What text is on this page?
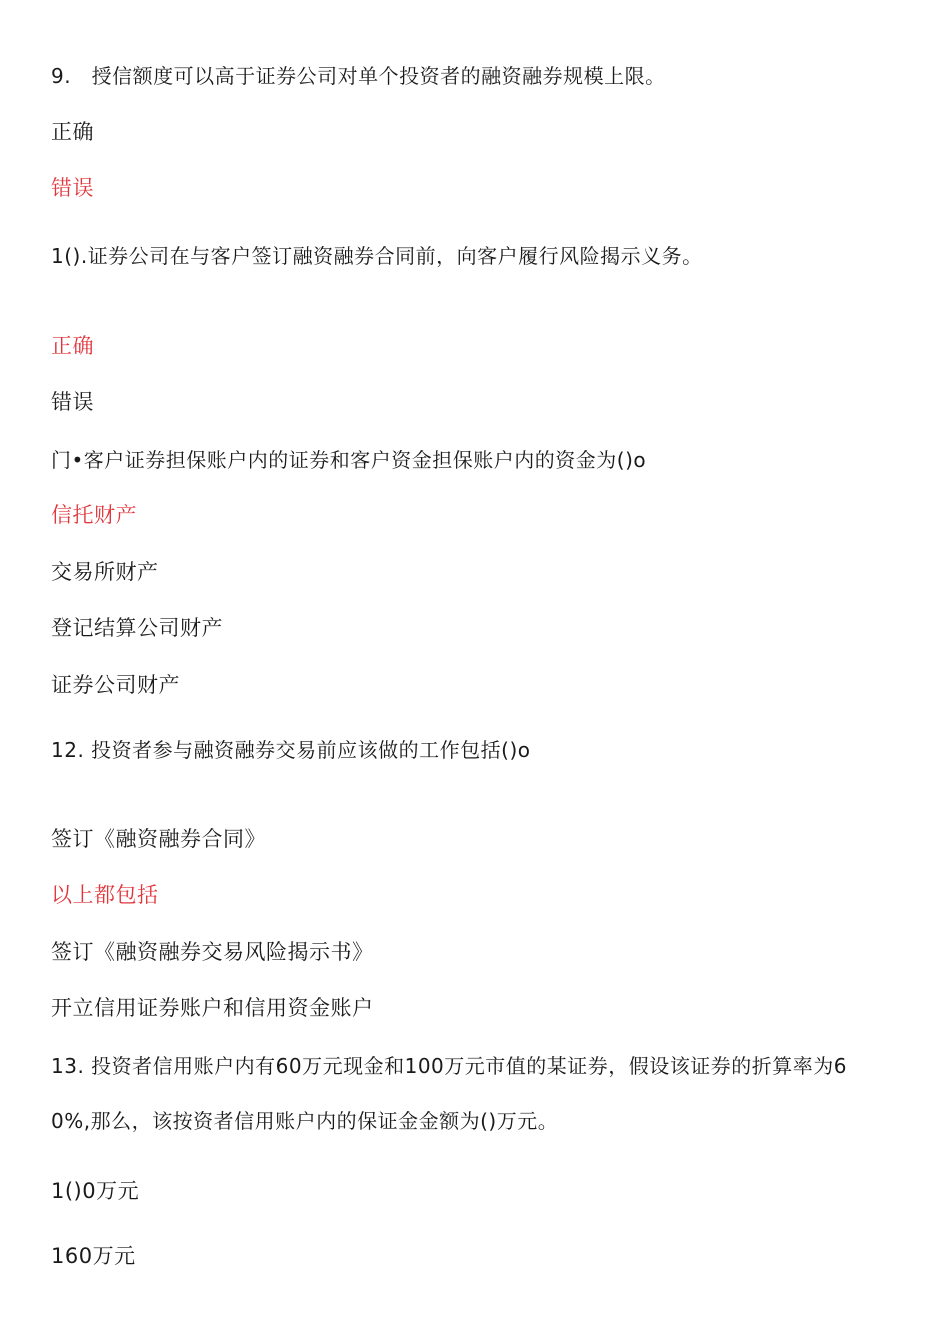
9.　授信额度可以高于证券公司对单个投资者的融资融券规模上限。
正确
错误
1().证券公司在与客户签订融资融券合同前，向客户履行风险揭示义务。
正确
错误
门•客户证券担保账户内的证券和客户资金担保账户内的资金为()o
信托财产
交易所财产
登记结算公司财产
证券公司财产
12. 投资者参与融资融券交易前应该做的工作包括()o
签订《融资融券合同》
以上都包括
签订《融资融券交易风险揭示书》
开立信用证券账户和信用资金账户
13. 投资者信用账户内有60万元现金和100万元市值的某证券，假设该证券的折算率为6
0%,那么，该按资者信用账户内的保证金金额为()万元。
1()0万元
160万元
